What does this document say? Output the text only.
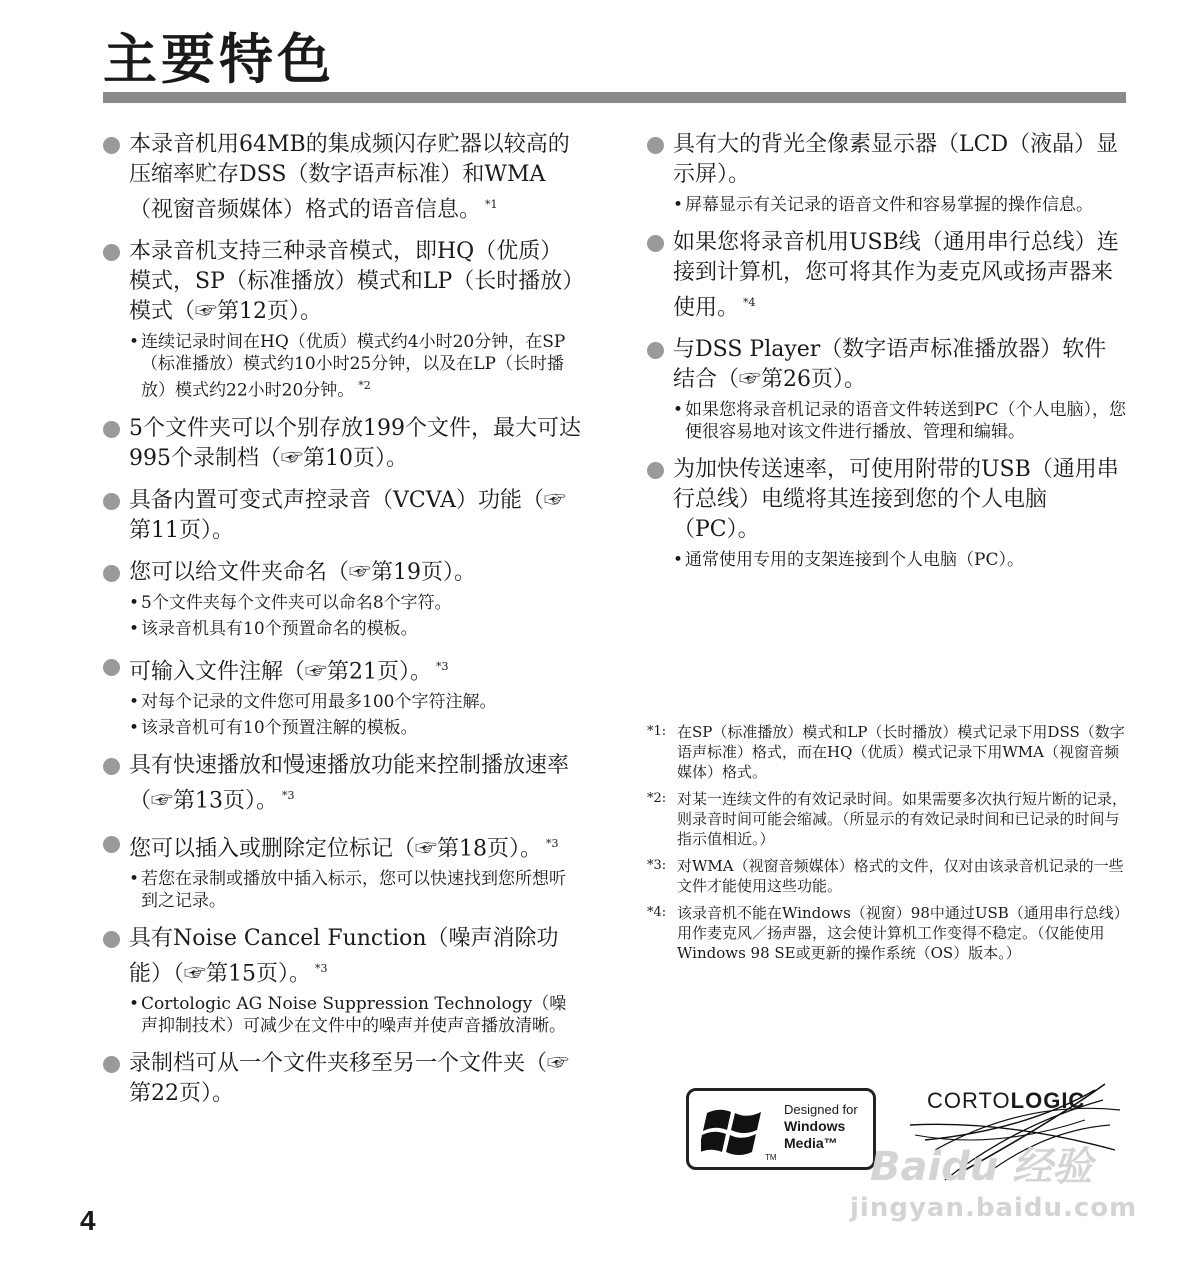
主要特色
本录音机用64MB的集成频闪存贮器以较高的压缩率贮存DSS（数字语声标准）和WMA（视窗音频媒体）格式的语音信息。 $^{*1}$
本录音机支持三种录音模式，即HQ（优质）模式，SP（标准播放）模式和LP（长时播放）模式（☞第12页）。
• 连续记录时间在HQ（优质）模式约4小时20分钟，在SP（标准播放）模式约10小时25分钟，以及在LP（长时播放）模式约22小时20分钟。 $^{*2}$
5个文件夹可以个别存放199个文件，最大可达995个录制档（☞第10页）。
具备内置可变式声控录音（VCVA）功能（☞第11页）。
您可以给文件夹命名（☞第19页）。
• 5个文件夹每个文件夹可以命名8个字符。
• 该录音机具有10个预置命名的模板。
可输入文件注解（☞第21页）。 $^{*3}$
• 对每个记录的文件您可用最多100个字符注解。
• 该录音机可有10个预置注解的模板。
具有快速播放和慢速播放功能来控制播放速率（☞第13页）。 $^{*3}$
您可以插入或删除定位标记（☞第18页）。 $^{*3}$
• 若您在录制或播放中插入标示，您可以快速找到您所想听到之记录。
具有Noise Cancel Function（噪声消除功能）（☞第15页）。 $^{*3}$
• Cortologic AG Noise Suppression Technology（噪声抑制技术）可减少在文件中的噪声并使声音播放清晰。
录制档可从一个文件夹移至另一个文件夹（☞第22页）。
具有大的背光全像素显示器（LCD（液晶）显示屏）。
• 屏幕显示有关记录的语音文件和容易掌握的操作信息。
如果您将录音机用USB线（通用串行总线）连接到计算机，您可将其作为麦克风或扬声器来使用。 $^{*4}$
与DSS Player（数字语声标准播放器）软件结合（☞第26页）。
• 如果您将录音机记录的语音文件转送到PC（个人电脑），您便很容易地对该文件进行播放、管理和编辑。
为加快传送速率，可使用附带的USB（通用串行总线）电缆将其连接到您的个人电脑（PC）。
• 通常使用专用的支架连接到个人电脑（PC）。
*1: 在SP（标准播放）模式和LP（长时播放）模式记录下用DSS（数字语声标准）格式，而在HQ（优质）模式记录下用WMA（视窗音频媒体）格式。
*2: 对某一连续文件的有效记录时间。如果需要多次执行短片断的记录，则录音时间可能会缩减。（所显示的有效记录时间和已记录的时间与指示值相近。）
*3: 对WMA（视窗音频媒体）格式的文件，仅对由该录音机记录的一些文件才能使用这些功能。
*4: 该录音机不能在Windows（视窗）98中通过USB（通用串行总线）用作麦克风／扬声器，这会使计算机工作变得不稳定。（仅能使用Windows 98 SE或更新的操作系统（OS）版本。）
Designed for
Windows
Media™
TM
CORTOLOGIC
Baidu 经验
jingyan.baidu.com
4
